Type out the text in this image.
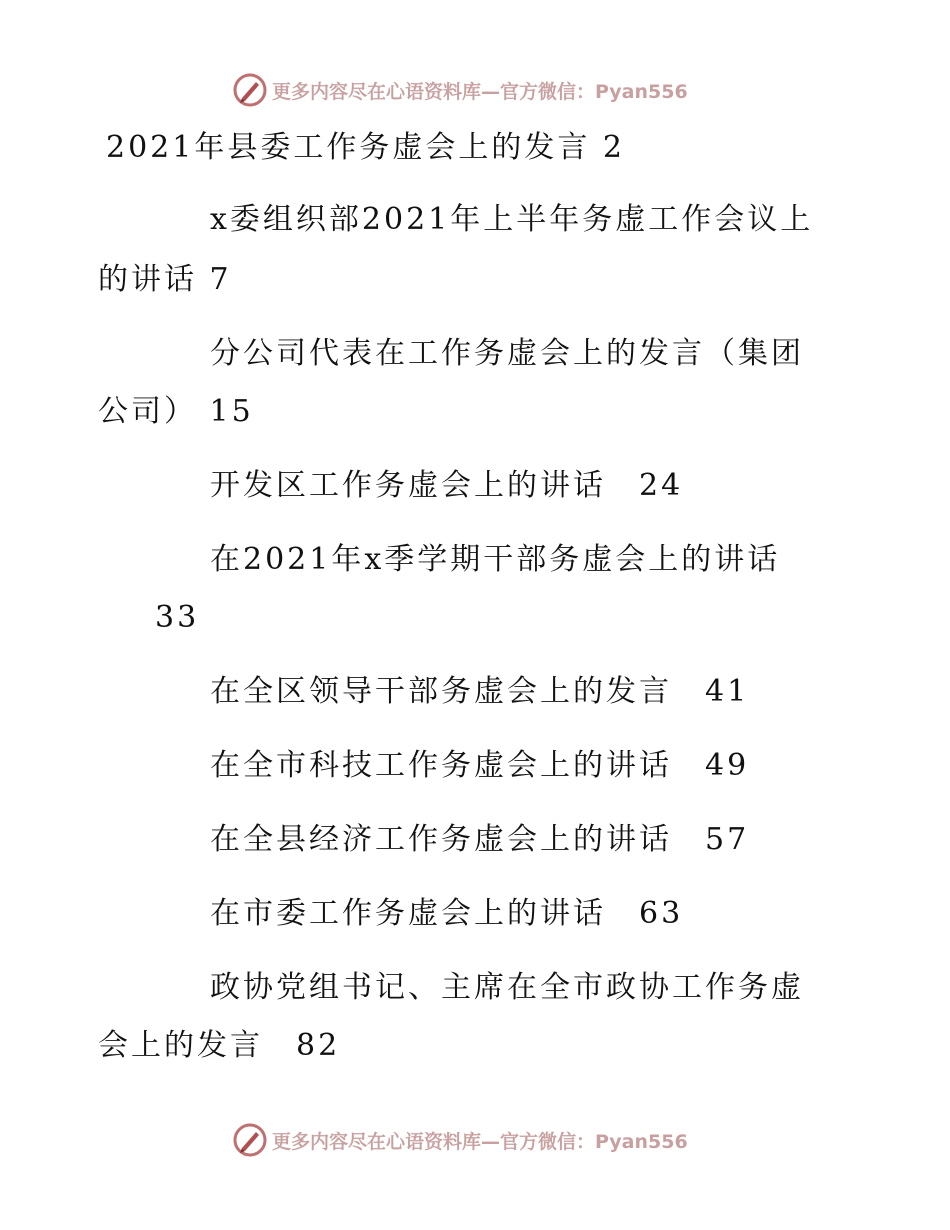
更多内容尽在心语资料库—官方微信：Pyan556
2021年县委工作务虚会上的发言 2
x委组织部2021年上半年务虚工作会议上
的讲话 7
分公司代表在工作务虚会上的发言（集团
公司） 15
开发区工作务虚会上的讲话　24
在2021年x季学期干部务虚会上的讲话
33
在全区领导干部务虚会上的发言　41
在全市科技工作务虚会上的讲话　49
在全县经济工作务虚会上的讲话　57
在市委工作务虚会上的讲话　63
政协党组书记、主席在全市政协工作务虚
会上的发言　82
更多内容尽在心语资料库—官方微信：Pyan556
